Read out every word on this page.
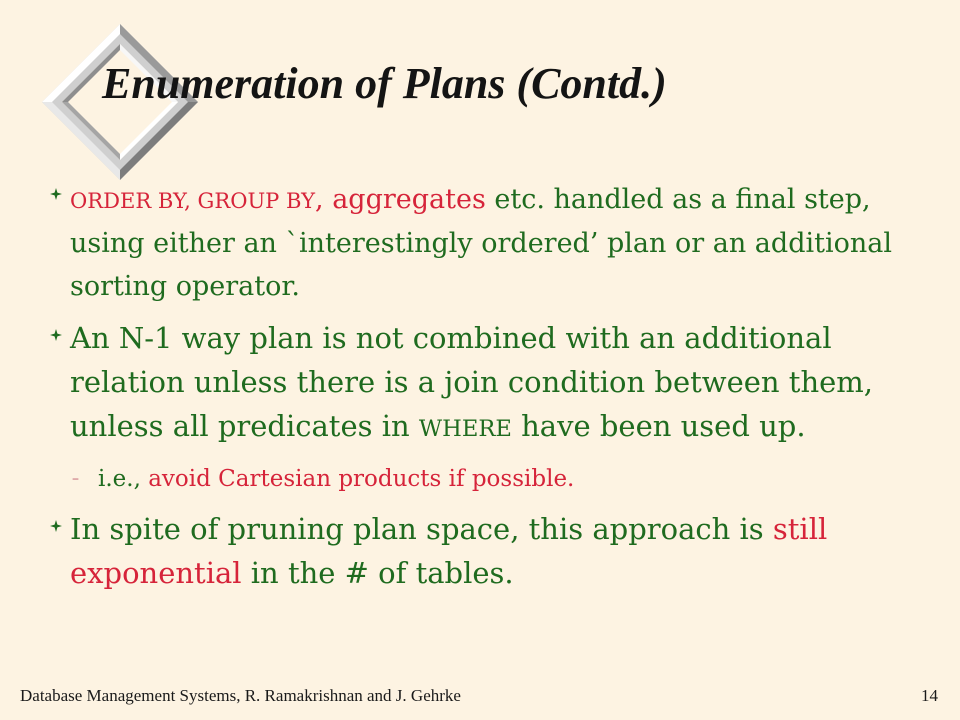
Enumeration of Plans (Contd.)
ORDER BY, GROUP BY, aggregates etc. handled as a final step, using either an `interestingly ordered’ plan or an additional sorting operator.
An N-1 way plan is not combined with an additional relation unless there is a join condition between them, unless all predicates in WHERE have been used up.
– i.e., avoid Cartesian products if possible.
In spite of pruning plan space, this approach is still exponential in the # of tables.
Database Management Systems, R. Ramakrishnan and J. Gehrke	14
